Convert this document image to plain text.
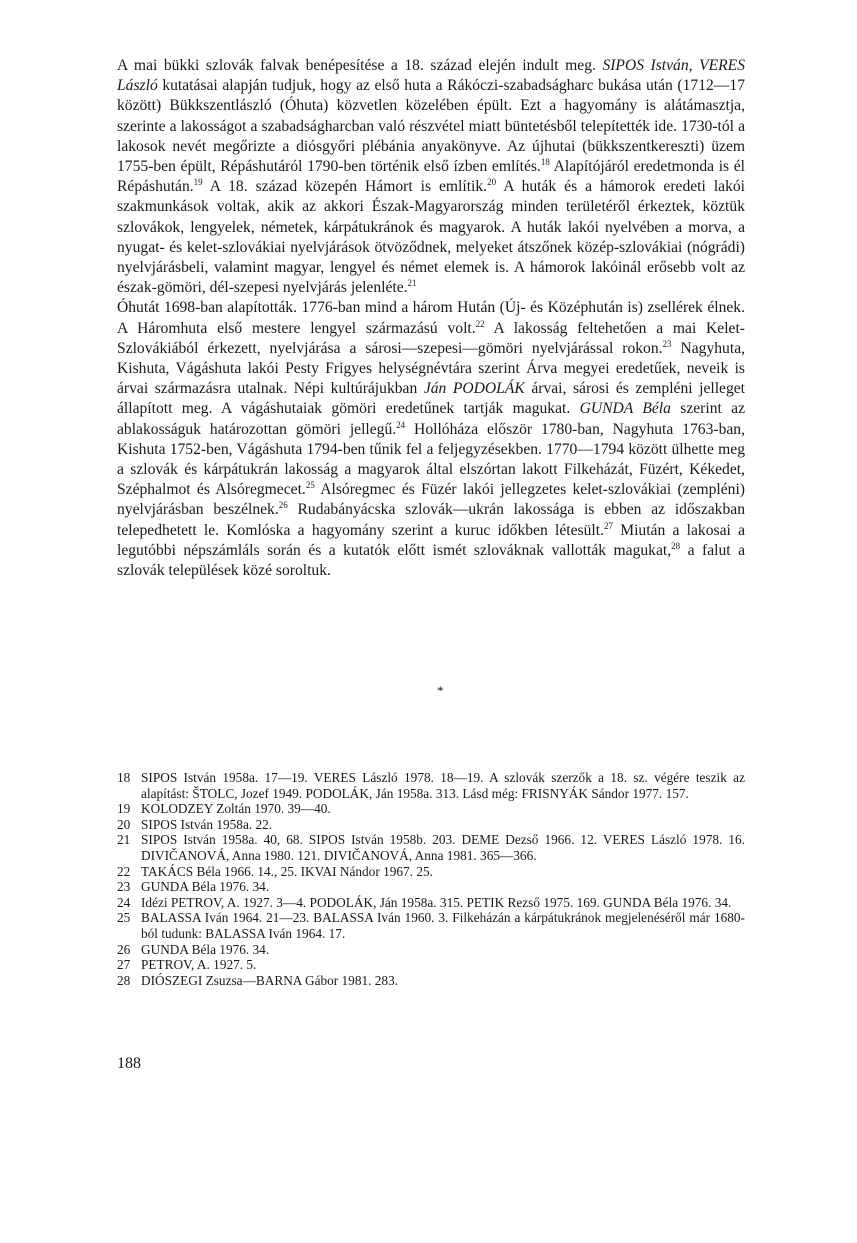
A mai bükki szlovák falvak benépesítése a 18. század elején indult meg. SIPOS István, VERES László kutatásai alapján tudjuk, hogy az első huta a Rákóczi-szabadságharc bukása után (1712—17 között) Bükkszentlászló (Óhuta) közvetlen közelében épült. Ezt a hagyomány is alátámasztja, szerinte a lakosságot a szabadságharcban való részvétel miatt büntetésből telepítették ide. 1730-tól a lakosok nevét megőrizte a diósgyőri plébánia anyakönyve. Az újhutai (bükkszentkereszti) üzem 1755-ben épült, Répáshutáról 1790-ben történik első ízben említés.$^{18}$ Alapítójáról eredetmonda is él Répáshután.$^{19}$ A 18. század közepén Hámort is említik.$^{20}$ A huták és a hámorok eredeti lakói szakmunkások voltak, akik az akkori Észak-Magyarország minden területéről érkeztek, köztük szlovákok, lengyelek, németek, kárpátukránok és magyarok. A huták lakói nyelvében a morva, a nyugat- és kelet-szlovákiai nyelvjárások ötvöződnek, melyeket átszőnek közép-szlovákiai (nógrádi) nyelvjárásbeli, valamint magyar, lengyel és német elemek is. A hámorok lakóinál erősebb volt az észak-gömöri, dél-szepesi nyelvjárás jelenléte.$^{21}$

Óhutát 1698-ban alapították. 1776-ban mind a három Hután (Új- és Középhután is) zsellérek élnek. A Háromhuta első mestere lengyel származású volt.$^{22}$ A lakosság feltehetően a mai Kelet-Szlovákiából érkezett, nyelvjárása a sárosi—szepesi—gömöri nyelvjárással rokon.$^{23}$ Nagyhuta, Kishuta, Vágáshuta lakói Pesty Frigyes helységnévtára szerint Árva megyei eredetűek, neveik is árvai származásra utalnak. Népi kultúrájukban Ján PODOLÁK árvai, sárosi és zempléni jelleget állapított meg. A vágáshutaiak gömöri eredetűnek tartják magukat. GUNDA Béla szerint az ablakosságuk határozottan gömöri jellegű.$^{24}$ Hollóháza először 1780-ban, Nagyhuta 1763-ban, Kishuta 1752-ben, Vágáshuta 1794-ben tűnik fel a feljegyzésekben. 1770—1794 között ülhette meg a szlovák és kárpátukrán lakosság a magyarok által elszórtan lakott Filkeházát, Füzért, Kékedet, Széphalmot és Alsóregmecet.$^{25}$ Alsóregmec és Füzér lakói jellegzetes kelet-szlovákiai (zempléni) nyelvjárásban beszélnek.$^{26}$ Rudabányácska szlovák—ukrán lakossága is ebben az időszakban telepedhetett le. Komlóska a hagyomány szerint a kuruc időkben létesült.$^{27}$ Miután a lakosai a legutóbbi népszámláls során és a kutatók előtt ismét szlováknak vallották magukat,$^{28}$ a falut a szlovák települések közé soroltuk.

*
18 SIPOS István 1958a. 17—19. VERES László 1978. 18—19. A szlovák szerzők a 18. sz. végére teszik az alapítást: ŠTOLC, Jozef 1949. PODOLÁK, Ján 1958a. 313. Lásd még: FRISNYÁK Sándor 1977. 157.
19 KOLODZEY Zoltán 1970. 39—40.
20 SIPOS István 1958a. 22.
21 SIPOS István 1958a. 40, 68. SIPOS István 1958b. 203. DEME Dezső 1966. 12. VERES László 1978. 16. DIVIČANOVÁ, Anna 1980. 121. DIVIČANOVÁ, Anna 1981. 365—366.
22 TAKÁCS Béla 1966. 14., 25. IKVAI Nándor 1967. 25.
23 GUNDA Béla 1976. 34.
24 Idézi PETROV, A. 1927. 3—4. PODOLÁK, Ján 1958a. 315. PETIK Rezső 1975. 169. GUNDA Béla 1976. 34.
25 BALASSA Iván 1964. 21—23. BALASSA Iván 1960. 3. Filkeházán a kárpátukránok megjelenéséről már 1680-ból tudunk: BALASSA Iván 1964. 17.
26 GUNDA Béla 1976. 34.
27 PETROV, A. 1927. 5.
28 DIÓSZEGI Zsuzsa—BARNA Gábor 1981. 283.
188
